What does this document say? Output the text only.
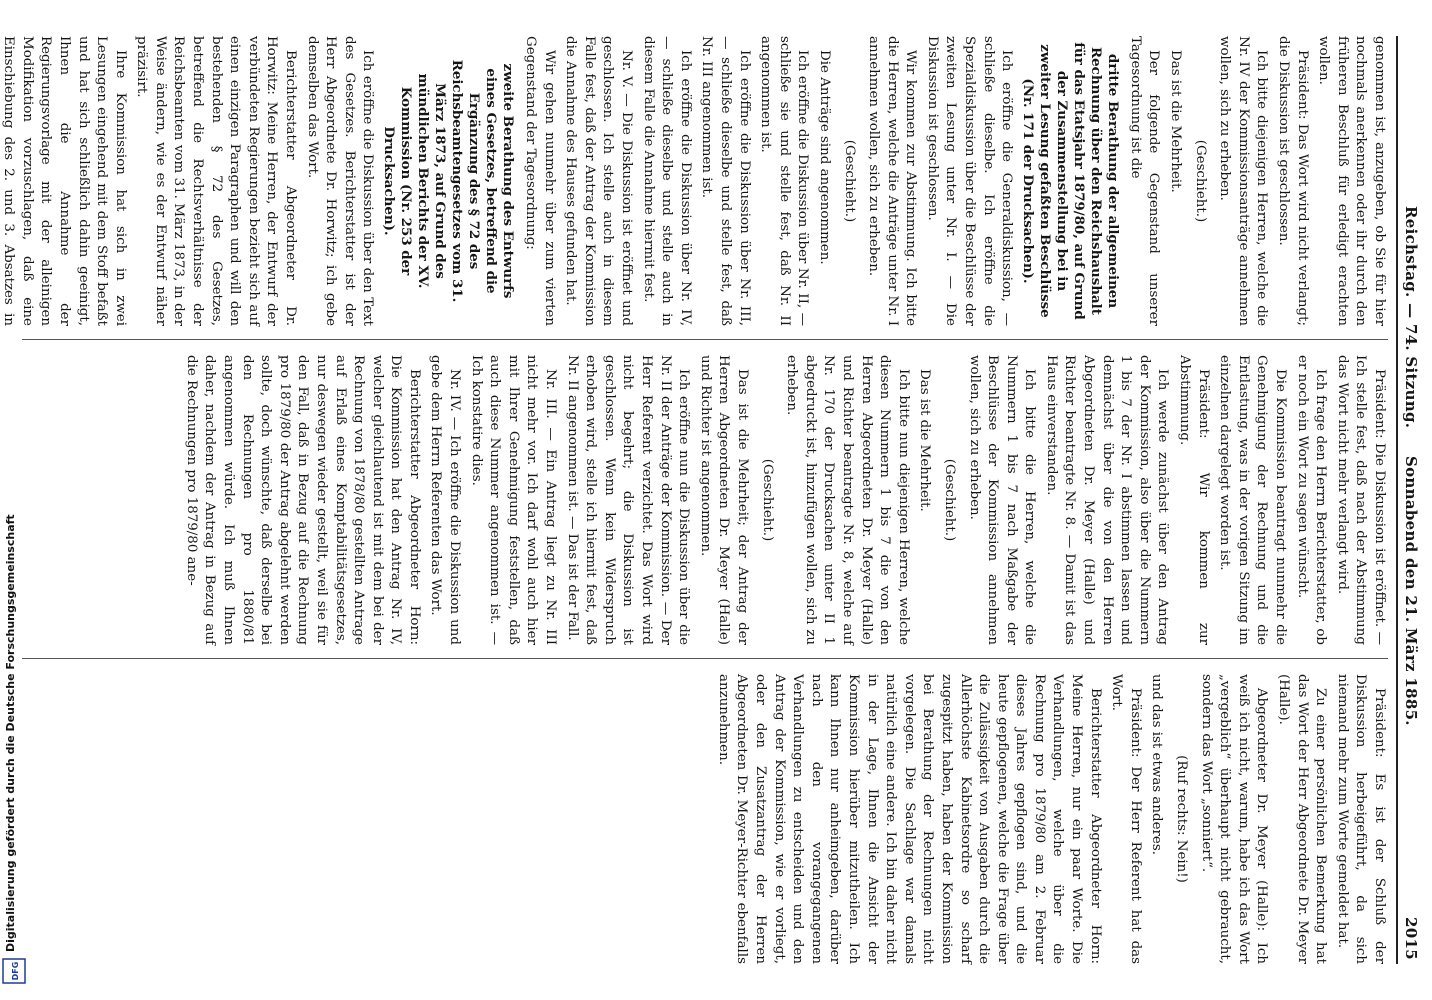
Reichstag. — 74. Sitzung.
Sonnabend den 21. März 1885.
2015

genommen ist, anzugeben, ob Sie für hier nochmals anerkennen oder ihr durch den früheren Beschluß für erledigt erachten wollen.

Präsident: Das Wort wird nicht verlangt; die Diskussion ist geschlossen.

Ich bitte diejenigen Herren, welche die Nr. IV der Kommissionsanträge annehmen wollen, sich zu erheben.

(Geschieht.)

Das ist die Mehrheit.

Der folgende Gegenstand unserer Tagesordnung ist die

dritte Berathung der allgemeinen Rechnung über den Reichshaushalt für das Etatsjahr 1879/80, auf Grund der Zusammenstellung bei in zweiter Lesung gefaßten Beschlüsse (Nr. 171 der Drucksachen).

Ich eröffne die Generaldiskussion, — schließe dieselbe. Ich eröffne die Spezialdiskussion über die Beschlüsse der zweiten Lesung unter Nr. I. — Die Diskussion ist geschlossen.

Wir kommen zur Abstimmung. Ich bitte die Herren, welche die Anträge unter Nr. I annehmen wollen, sich zu erheben.

(Geschieht.)

Die Anträge sind angenommen.

Ich eröffne die Diskussion über Nr. II, — schließe sie und stelle fest, daß Nr. II angenommen ist.

Ich eröffne die Diskussion über Nr. III, — schließe dieselbe und stelle fest, daß Nr. III angenommen ist.

Ich eröffne die Diskussion über Nr. IV, — schließe dieselbe und stelle auch in diesem Falle die Annahme hiermit fest.

Nr. V. — Die Diskussion ist eröffnet und geschlossen. Ich stelle auch in diesem Falle fest, daß der Antrag der Kommission die Annahme des Hauses gefunden hat.

Wir gehen nunmehr über zum vierten Gegenstand der Tagesordnung:

zweite Berathung des Entwurfs eines Gesetzes, betreffend die Ergänzung des § 72 des Reichsbeamtengesetzes vom 31. März 1873, auf Grund des mündlichen Berichts der XV. Kommission (Nr. 253 der Drucksachen).

Ich eröffne die Diskussion über den Text des Gesetzes. Berichterstatter ist der Herr Abgeordnete Dr. Horwitz; ich gebe demselben das Wort.

Berichterstatter Abgeordneter Dr. Horwitz: Meine Herren, der Entwurf der verbündeten Regierungen bezieht sich auf einen einzigen Paragraphen und will den bestehenden § 72 des Gesetzes, betreffend die Rechtsverhältnisse der Reichsbeamten vom 31. März 1873, in der Weise ändern, wie es der Entwurf näher präzisirt.

Ihre Kommission hat sich in zwei Lesungen eingehend mit dem Stoff befaßt und hat sich schließlich dahin geeinigt, Ihnen die Annahme der Regierungsvorlage mit der alleinigen Modifikation vorzuschlagen, daß eine Einschiebung des 2. und 3. Absatzes in

Präsident: Die Diskussion ist eröffnet. — Ich stelle fest, daß nach der Abstimmung das Wort nicht mehr verlangt wird.

Ich frage den Herrn Berichterstatter, ob er noch ein Wort zu sagen wünscht.

Die Kommission beantragt nunmehr die Genehmigung der Rechnung und die Entlastung, was in der vorigen Sitzung im einzelnen dargelegt worden ist.

Präsident: Wir kommen zur Abstimmung.

Ich werde zunächst über den Antrag der Kommission, also über die Nummern 1 bis 7 der Nr. I abstimmen lassen und demnächst über die von den Herren Abgeordneten Dr. Meyer (Halle) und Richter beantragte Nr. 8. — Damit ist das Haus einverstanden.

Ich bitte die Herren, welche die Nummern 1 bis 7 nach Maßgabe der Beschlüsse der Kommission annehmen wollen, sich zu erheben.

(Geschieht.)

Das ist die Mehrheit.

Ich bitte nun diejenigen Herren, welche diesen Nummern 1 bis 7 die von den Herren Abgeordneten Dr. Meyer (Halle) und Richter beantragte Nr. 8, welche auf Nr. 170 der Drucksachen unter II 1 abgedruckt ist, hinzufügen wollen, sich zu erheben.

(Geschieht.)

Das ist die Mehrheit; der Antrag der Herren Abgeordneten Dr. Meyer (Halle) und Richter ist angenommen.

Ich eröffne nun die Diskussion über die Nr. II der Anträge der Kommission. — Der Herr Referent verzichtet. Das Wort wird nicht begehrt; die Diskussion ist geschlossen. Wenn kein Widerspruch erhoben wird, stelle ich hiermit fest, daß Nr. II angenommen ist. — Das ist der Fall.

Nr. III. — Ein Antrag liegt zu Nr. III nicht mehr vor. Ich darf wohl auch hier mit Ihrer Genehmigung feststellen, daß auch diese Nummer angenommen ist. — Ich konstatire dies.

Nr. IV. — Ich eröffne die Diskussion und gebe dem Herrn Referenten das Wort.

Berichterstatter Abgeordneter Horn: Die Kommission hat den Antrag Nr. IV, welcher gleichlautend ist mit dem bei der Rechnung von 1878/80 gestellten Antrage auf Erlaß eines Komptabilitätsgesetzes, nur deswegen wieder gestellt, weil sie für den Fall, daß in Bezug auf die Rechnung pro 1879/80 der Antrag abgelehnt werden sollte, doch wünschte, daß derselbe bei den Rechnungen pro 1880/81 angenommen würde. Ich muß Ihnen daher, nachdem der Antrag in Bezug auf die Rechnungen pro 1879/80 ane-

Präsident: Es ist der Schluß der Diskussion herbeigeführt, da sich niemand mehr zum Worte gemeldet hat.

Zu einer persönlichen Bemerkung hat das Wort der Herr Abgeordnete Dr. Meyer (Halle).

Abgeordneter Dr. Meyer (Halle): Ich weiß ich nicht, warum, habe ich das Wort „vergeblich“ überhaupt nicht gebraucht, sondern das Wort „sonniert“.

(Ruf rechts: Nein!)

und das ist etwas anderes.

Präsident: Der Herr Referent hat das Wort.

Berichterstatter Abgeordneter Horn: Meine Herren, nur ein paar Worte. Die Verhandlungen, welche über die Rechnung pro 1879/80 am 2. Februar dieses Jahres gepflogen sind, und die heute gepflogenen, welche die Frage über die Zulässigkeit von Ausgaben durch die Allerhöchste Kabinetsordre so scharf zugespitzt haben, haben der Kommission bei Berathung der Rechnungen nicht vorgelegen. Die Sachlage war damals natürlich eine andere. Ich bin daher nicht in der Lage, Ihnen die Ansicht der Kommission hierüber mitzutheilen. Ich kann Ihnen nur anheimgeben, darüber nach den vorangegangenen Verhandlungen zu entscheiden und den Antrag der Kommission, wie er vorliegt, oder den Zusatzantrag der Herren Abgeordneten Dr. Meyer-Richter ebenfalls anzunehmen.

DFG
Digitalisierung gefördert durch die Deutsche Forschungsgemeinschaft
